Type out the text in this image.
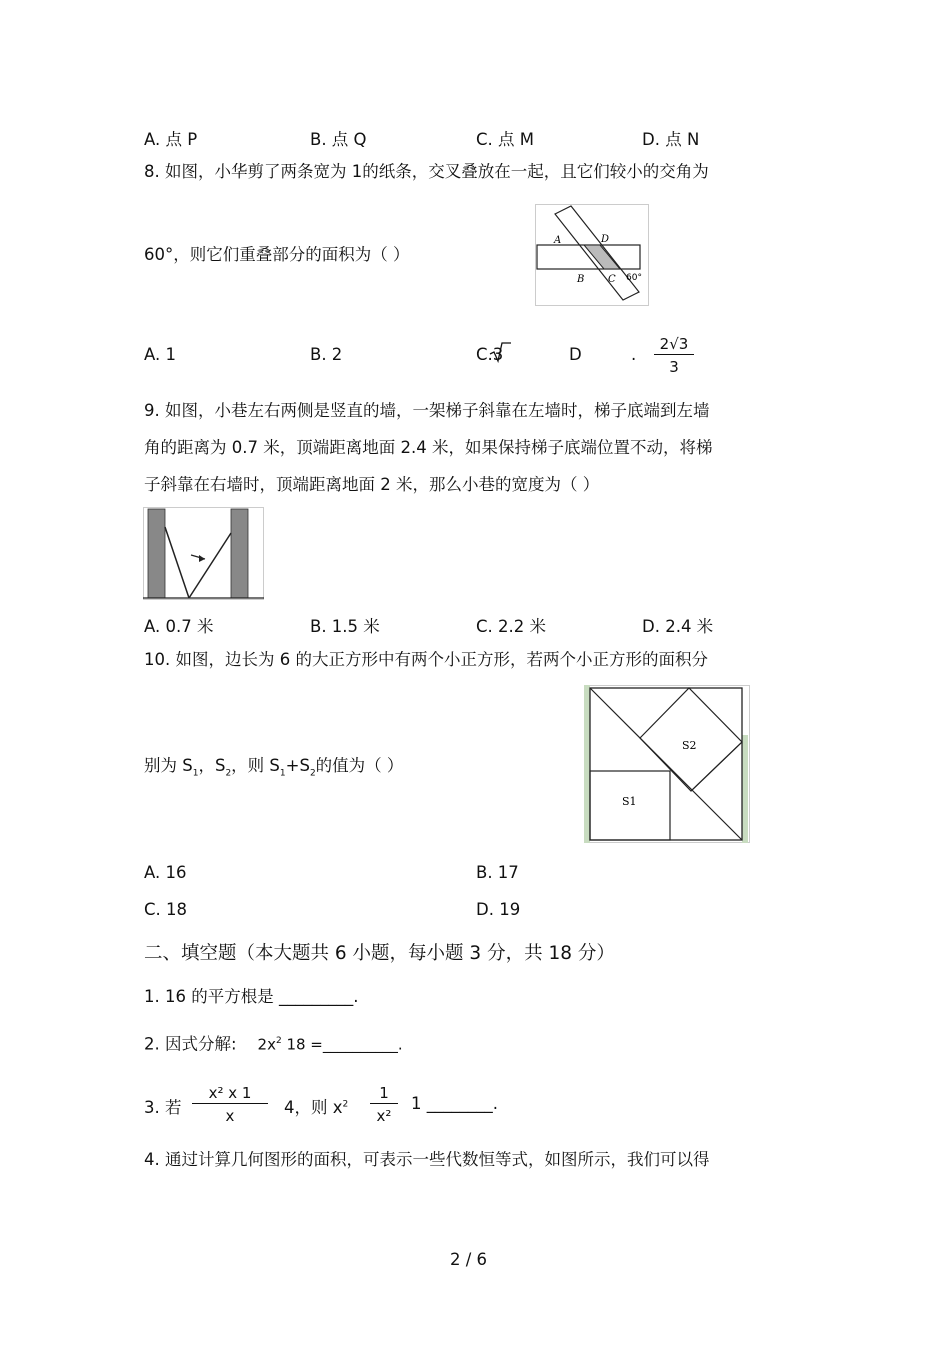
A. 点 P	B. 点 Q	C. 点 M	D. 点 N
8. 如图，小华剪了两条宽为 1的纸条，交叉叠放在一起，且它们较小的交角为
60°，则它们重叠部分的面积为（ ）
A	D
B C 60°
A. 1	B. 2	C.3	D	. $\frac{2√3}{3}$
9. 如图，小巷左右两侧是竖直的墙，一架梯子斜靠在左墙时，梯子底端到左墙
角的距离为 0.7 米，顶端距离地面 2.4 米，如果保持梯子底端位置不动，将梯
子斜靠在右墙时，顶端距离地面 2 米，那么小巷的宽度为（ ）
A. 0.7 米	B. 1.5 米	C. 2.2 米	D. 2.4 米
10. 如图，边长为 6 的大正方形中有两个小正方形，若两个小正方形的面积分
别为 $S_1$，$S_2$，则 $S_1+S_2$的值为（ ）
S1
S2
A. 16	B. 17
C. 18	D. 19
二、填空题（本大题共 6 小题，每小题 3 分，共 18 分）
1. 16 的平方根是 _________.
2. 因式分解: $2x^2$ 18 =__________.
3. 若 $\frac{\text{x² x 1}}{x} 4$，则 $x^2 \frac{1}{\text{x²}} 1$ ________.
4. 通过计算几何图形的面积，可表示一些代数恒等式，如图所示，我们可以得
2 / 6
